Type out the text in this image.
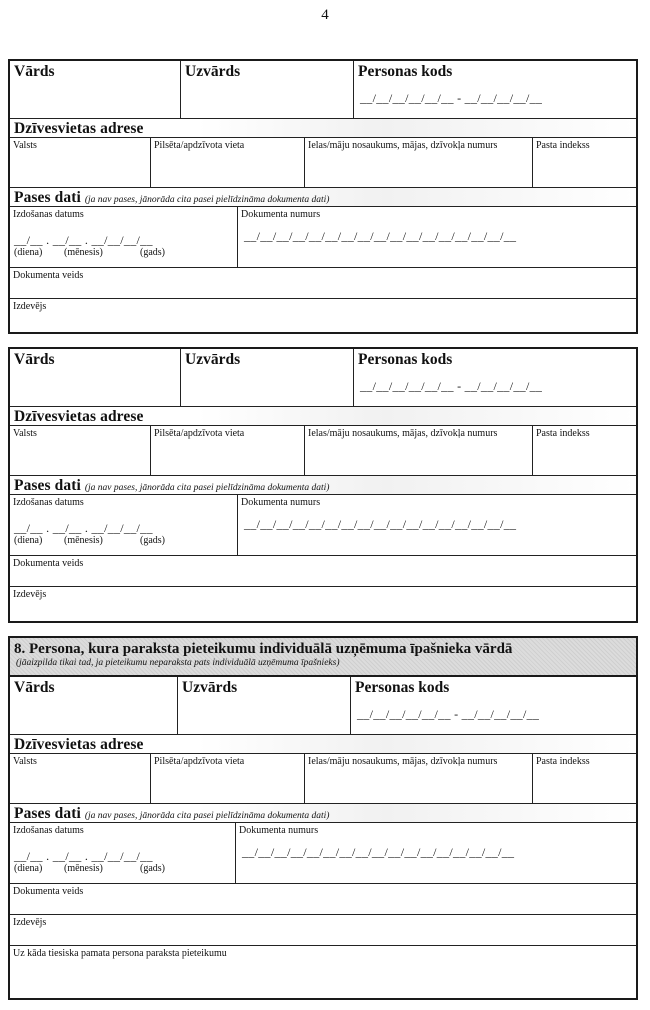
4
Vārds	Uzvārds	Personas kods
__/__/__/__/__/__ - __/__/__/__/__
Dzīvesvietas adrese
Valsts	Pilsēta/apdzīvota vieta	Ielas/māju nosaukums, mājas, dzīvokļa numurs	Pasta indekss
Pases dati (ja nav pases, jānorāda cita pasei pielīdzināma dokumenta dati)
Izdošanas datums
__/__ . __/__ . __/__/__/__
(diena) (mēnesis)	(gads)
Dokumenta numurs
__/__/__/__/__/__/__/__/__/__/__/__/__/__/__/__/__
Dokumenta veids
Izdevējs
Vārds	Uzvārds	Personas kods
__/__/__/__/__/__ - __/__/__/__/__
Dzīvesvietas adrese
Valsts	Pilsēta/apdzīvota vieta	Ielas/māju nosaukums, mājas, dzīvokļa numurs	Pasta indekss
Pases dati (ja nav pases, jānorāda cita pasei pielīdzināma dokumenta dati)
Izdošanas datums
__/__ . __/__ . __/__/__/__
(diena) (mēnesis)	(gads)
Dokumenta numurs
__/__/__/__/__/__/__/__/__/__/__/__/__/__/__/__/__
Dokumenta veids
Izdevējs
8. Persona, kura paraksta pieteikumu individuālā uzņēmuma īpašnieka vārdā
(jāaizpilda tikai tad, ja pieteikumu neparaksta pats individuālā uzņēmuma īpašnieks)
Vārds	Uzvārds	Personas kods
__/__/__/__/__/__ - __/__/__/__/__
Dzīvesvietas adrese
Valsts	Pilsēta/apdzīvota vieta	Ielas/māju nosaukums, mājas, dzīvokļa numurs	Pasta indekss
Pases dati (ja nav pases, jānorāda cita pasei pielīdzināma dokumenta dati)
Izdošanas datums
__/__ . __/__ . __/__/__/__
(diena) (mēnesis)	(gads)
Dokumenta numurs
__/__/__/__/__/__/__/__/__/__/__/__/__/__/__/__/__
Dokumenta veids
Izdevējs
Uz kāda tiesiska pamata persona paraksta pieteikumu
